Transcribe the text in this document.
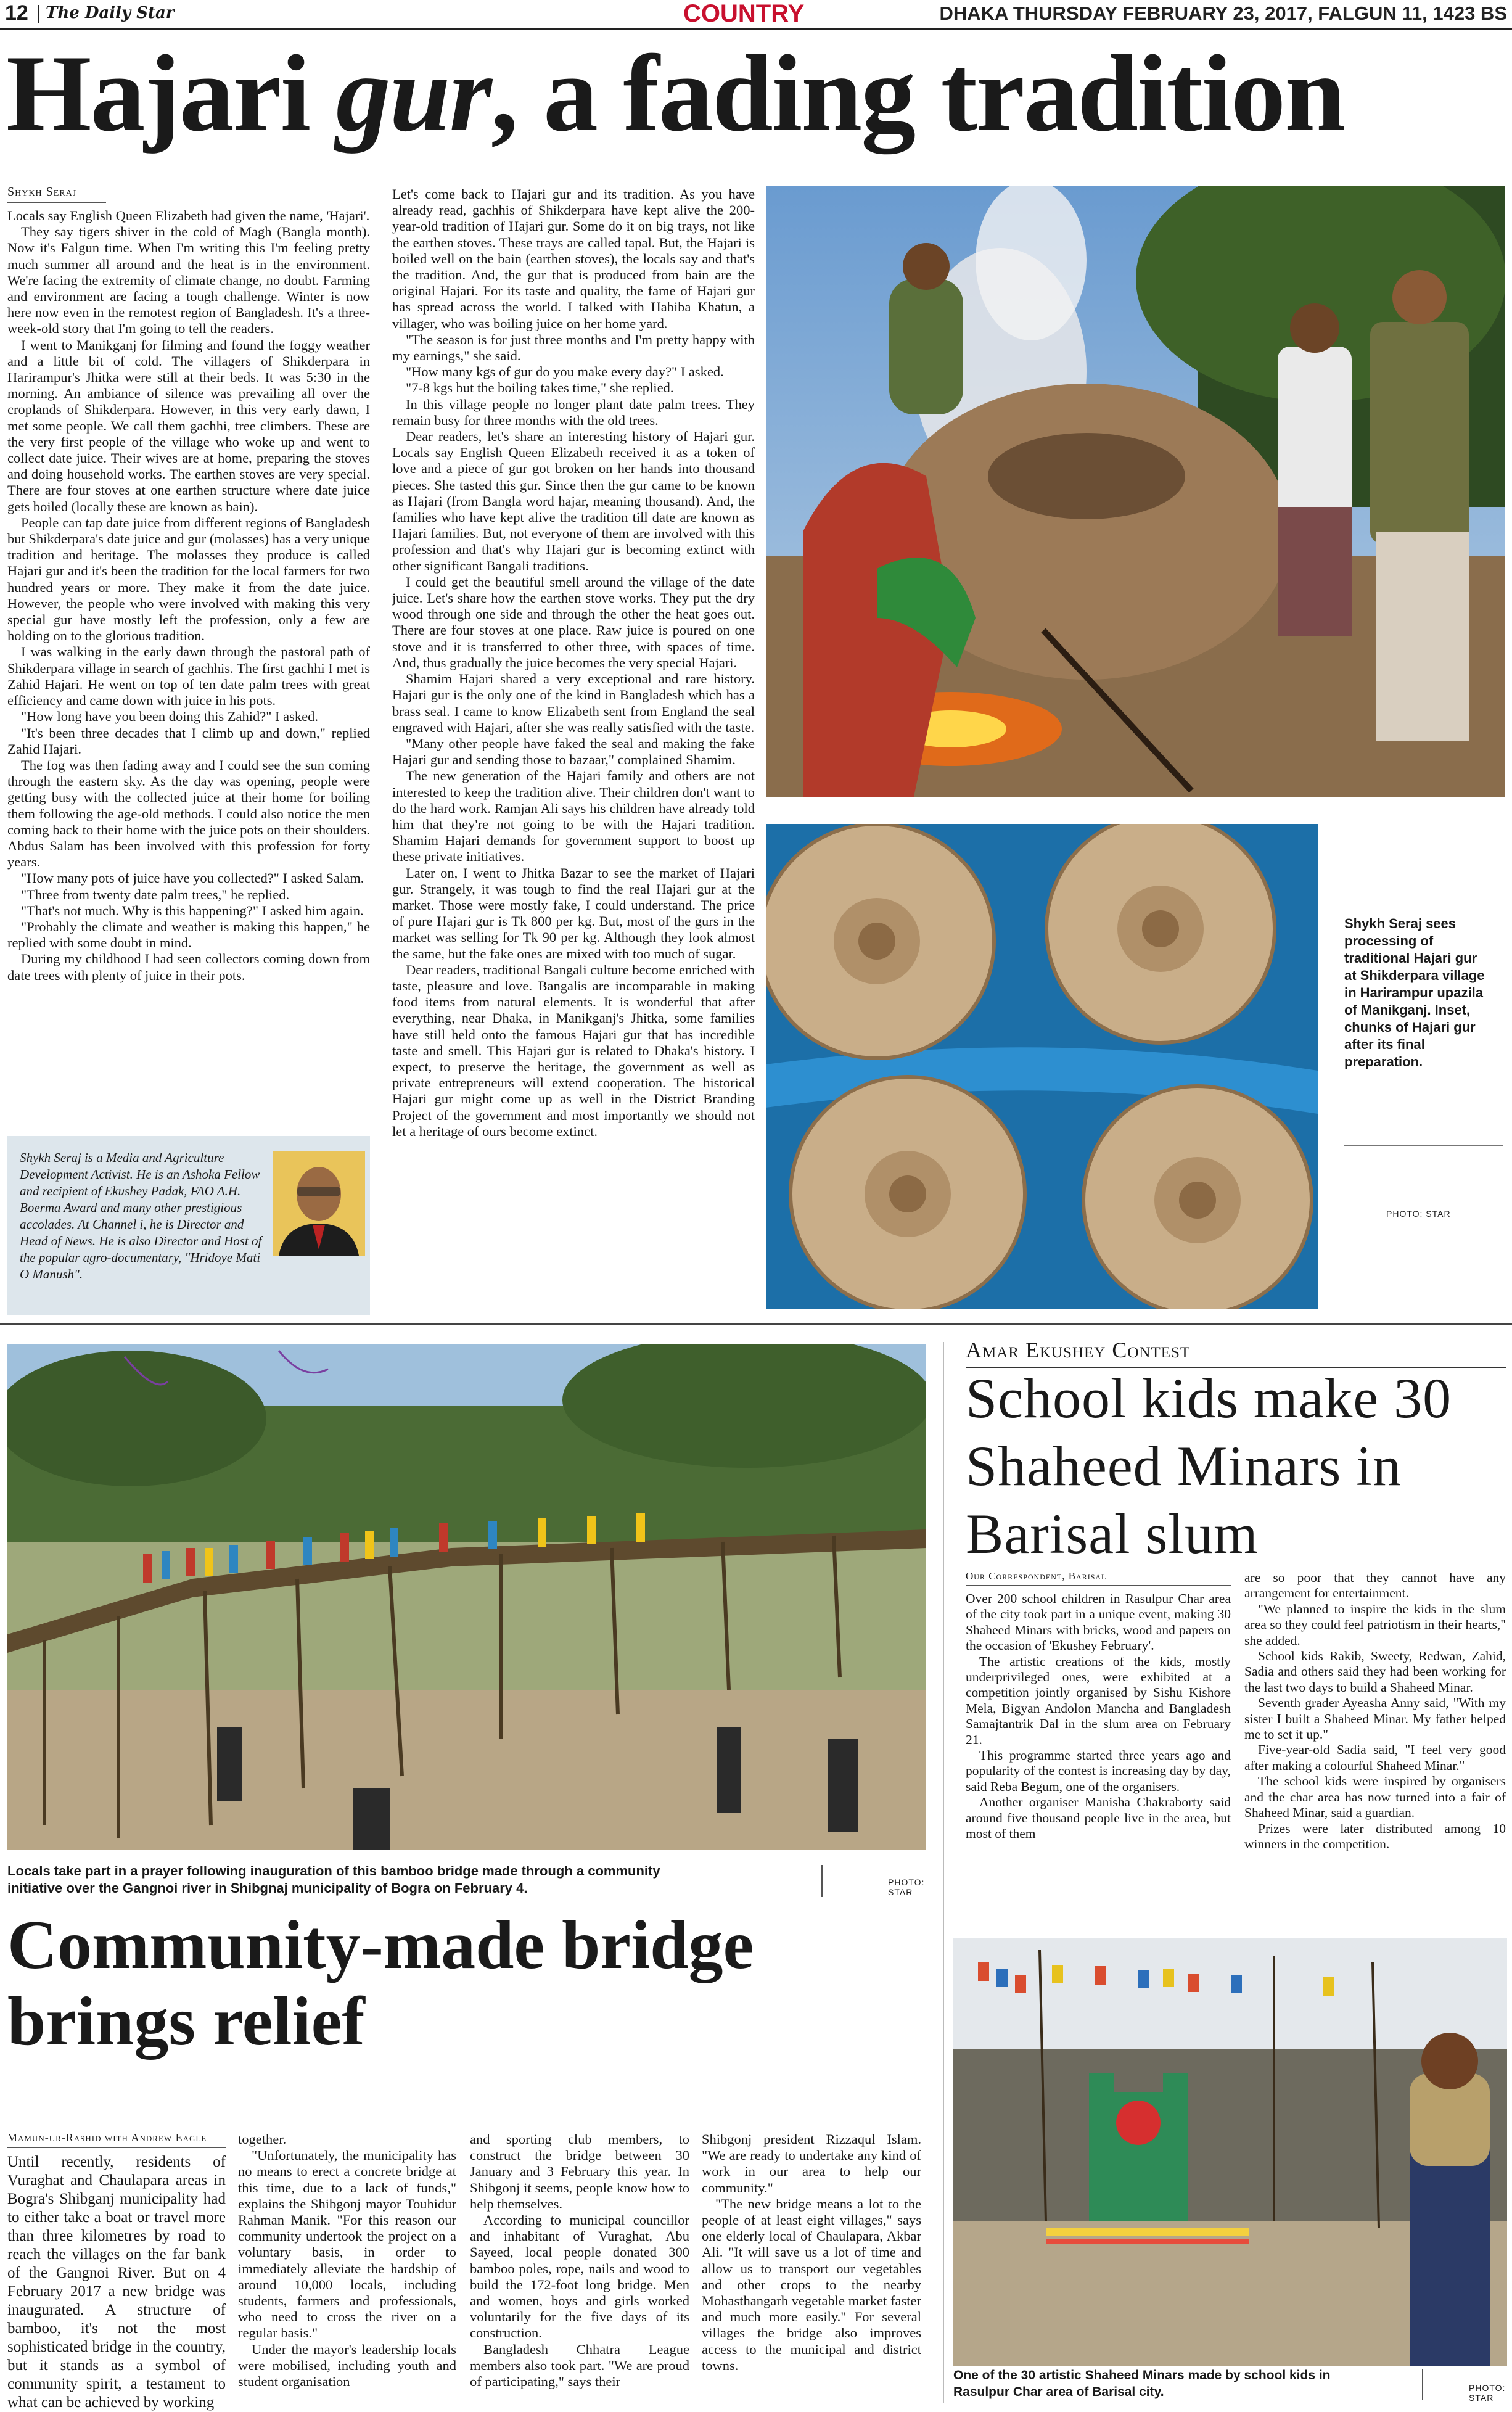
12 The Daily Star	COUNTRY	DHAKA THURSDAY FEBRUARY 23, 2017, FALGUN 11, 1423 BS
Hajari gur, a fading tradition
Shykh Seraj

Locals say English Queen Elizabeth had given the name, 'Hajari'.

They say tigers shiver in the cold of Magh (Bangla month). Now it's Falgun time. When I'm writing this I'm feeling pretty much summer all around and the heat is in the environment. We're facing the extremity of climate change, no doubt. Farming and environment are facing a tough challenge. Winter is now here now even in the remotest region of Bangladesh. It's a three-week-old story that I'm going to tell the readers.

I went to Manikganj for filming and found the foggy weather and a little bit of cold. The villagers of Shikderpara in Harirampur's Jhitka were still at their beds. It was 5:30 in the morning. An ambiance of silence was prevailing all over the croplands of Shikderpara. However, in this very early dawn, I met some people. We call them gachhi, tree climbers. These are the very first people of the village who woke up and went to collect date juice. Their wives are at home, preparing the stoves and doing household works. The earthen stoves are very special. There are four stoves at one earthen structure where date juice gets boiled (locally these are known as bain).

People can tap date juice from different regions of Bangladesh but Shikderpara's date juice and gur (molasses) has a very unique tradition and heritage. The molasses they produce is called Hajari gur and it's been the tradition for the local farmers for two hundred years or more. They make it from the date juice. However, the people who were involved with making this very special gur have mostly left the profession, only a few are holding on to the glorious tradition.

I was walking in the early dawn through the pastoral path of Shikderpara village in search of gachhis. The first gachhi I met is Zahid Hajari. He went on top of ten date palm trees with great efficiency and came down with juice in his pots.

"How long have you been doing this Zahid?" I asked.

"It's been three decades that I climb up and down," replied Zahid Hajari.

The fog was then fading away and I could see the sun coming through the eastern sky. As the day was opening, people were getting busy with the collected juice at their home for boiling them following the age-old methods. I could also notice the men coming back to their home with the juice pots on their shoulders. Abdus Salam has been involved with this profession for forty years.

"How many pots of juice have you collected?" I asked Salam.

"Three from twenty date palm trees," he replied.

"That's not much. Why is this happening?" I asked him again.

"Probably the climate and weather is making this happen," he replied with some doubt in mind.

During my childhood I had seen collectors coming down from date trees with plenty of juice in their pots.

Shykh Seraj is a Media and Agriculture Development Activist. He is an Ashoka Fellow and recipient of Ekushey Padak, FAO A.H. Boerma Award and many other prestigious accolades. At Channel i, he is Director and Head of News. He is also Director and Host of the popular agro-documentary, "Hridoye Mati O Manush".

Let's come back to Hajari gur and its tradition. As you have already read, gachhis of Shikderpara have kept alive the 200-year-old tradition of Hajari gur. Some do it on big trays, not like the earthen stoves. These trays are called tapal. But, the Hajari is boiled well on the bain (earthen stoves), the locals say and that's the tradition. And, the gur that is produced from bain are the original Hajari. For its taste and quality, the fame of Hajari gur has spread across the world. I talked with Habiba Khatun, a villager, who was boiling juice on her home yard.

"The season is for just three months and I'm pretty happy with my earnings," she said.

"How many kgs of gur do you make every day?" I asked.

"7-8 kgs but the boiling takes time," she replied.

In this village people no longer plant date palm trees. They remain busy for three months with the old trees.

Dear readers, let's share an interesting history of Hajari gur. Locals say English Queen Elizabeth received it as a token of love and a piece of gur got broken on her hands into thousand pieces. She tasted this gur. Since then the gur came to be known as Hajari (from Bangla word hajar, meaning thousand). And, the families who have kept alive the tradition till date are known as Hajari families. But, not everyone of them are involved with this profession and that's why Hajari gur is becoming extinct with other significant Bangali traditions.

I could get the beautiful smell around the village of the date juice. Let's share how the earthen stove works. They put the dry wood through one side and through the other the heat goes out. There are four stoves at one place. Raw juice is poured on one stove and it is transferred to other three, with spaces of time. And, thus gradually the juice becomes the very special Hajari.

Shamim Hajari shared a very exceptional and rare history. Hajari gur is the only one of the kind in Bangladesh which has a brass seal. I came to know Elizabeth sent from England the seal engraved with Hajari, after she was really satisfied with the taste.

"Many other people have faked the seal and making the fake Hajari gur and sending those to bazaar," complained Shamim.

The new generation of the Hajari family and others are not interested to keep the tradition alive. Their children don't want to do the hard work. Ramjan Ali says his children have already told him that they're not going to be with the Hajari tradition. Shamim Hajari demands for government support to boost up these private initiatives.

Later on, I went to Jhitka Bazar to see the market of Hajari gur. Strangely, it was tough to find the real Hajari gur at the market. Those were mostly fake, I could understand. The price of pure Hajari gur is Tk 800 per kg. But, most of the gurs in the market was selling for Tk 90 per kg. Although they look almost the same, but the fake ones are mixed with too much of sugar.

Dear readers, traditional Bangali culture become enriched with taste, pleasure and love. Bangalis are incomparable in making food items from natural elements. It is wonderful that after everything, near Dhaka, in Manikganj's Jhitka, some families have still held onto the famous Hajari gur that has incredible taste and smell. This Hajari gur is related to Dhaka's history. I expect, to preserve the heritage, the government as well as private entrepreneurs will extend cooperation. The historical Hajari gur might come up as well in the District Branding Project of the government and most importantly we should not let a heritage of ours become extinct.

Shykh Seraj sees processing of traditional Hajari gur at Shikderpara village in Harirampur upazila of Manikganj. Inset, chunks of Hajari gur after its final preparation.
PHOTO: STAR
Locals take part in a prayer following inauguration of this bamboo bridge made through a community initiative over the Gangnoi river in Shibgnaj municipality of Bogra on February 4.	PHOTO: STAR
Community-made bridge brings relief
Mamun-ur-Rashid with Andrew Eagle

Until recently, residents of Vuraghat and Chaulapara areas in Bogra's Shibganj municipality had to either take a boat or travel more than three kilometres by road to reach the villages on the far bank of the Gangnoi River. But on 4 February 2017 a new bridge was inaugurated. A structure of bamboo, it's not the most sophisticated bridge in the country, but it stands as a symbol of community spirit, a testament to what can be achieved by working

together.

"Unfortunately, the municipality has no means to erect a concrete bridge at this time, due to a lack of funds," explains the Shibgonj mayor Touhidur Rahman Manik. "For this reason our community undertook the project on a voluntary basis, in order to immediately alleviate the hardship of around 10,000 locals, including students, farmers and professionals, who need to cross the river on a regular basis."

Under the mayor's leadership locals were mobilised, including youth and student organisation

and sporting club members, to construct the bridge between 30 January and 3 February this year. In Shibgonj it seems, people know how to help themselves.

According to municipal councillor and inhabitant of Vuraghat, Abu Sayeed, local people donated 300 bamboo poles, rope, nails and wood to build the 172-foot long bridge. Men and women, boys and girls worked voluntarily for the five days of its construction.

Bangladesh Chhatra League members also took part. "We are proud of participating," says their

Shibgonj president Rizzaqul Islam. "We are ready to undertake any kind of work in our area to help our community."

"The new bridge means a lot to the people of at least eight villages," says one elderly local of Chaulapara, Akbar Ali. "It will save us a lot of time and allow us to transport our vegetables and other crops to the nearby Mohasthangarh vegetable market faster and much more easily." For several villages the bridge also improves access to the municipal and district towns.

Amar Ekushey Contest
School kids make 30 Shaheed Minars in Barisal slum
Our Correspondent, Barisal

Over 200 school children in Rasulpur Char area of the city took part in a unique event, making 30 Shaheed Minars with bricks, wood and papers on the occasion of 'Ekushey February'.

The artistic creations of the kids, mostly underprivileged ones, were exhibited at a competition jointly organised by Sishu Kishore Mela, Bigyan Andolon Mancha and Bangladesh Samajtantrik Dal in the slum area on February 21.

This programme started three years ago and popularity of the contest is increasing day by day, said Reba Begum, one of the organisers.

Another organiser Manisha Chakraborty said around five thousand people live in the area, but most of them

are so poor that they cannot have any arrangement for entertainment.

"We planned to inspire the kids in the slum area so they could feel patriotism in their hearts," she added.

School kids Rakib, Sweety, Redwan, Zahid, Sadia and others said they had been working for the last two days to build a Shaheed Minar.

Seventh grader Ayeasha Anny said, "With my sister I built a Shaheed Minar. My father helped me to set it up."

Five-year-old Sadia said, "I feel very good after making a colourful Shaheed Minar."

The school kids were inspired by organisers and the char area has now turned into a fair of Shaheed Minar, said a guardian.

Prizes were later distributed among 10 winners in the competition.

One of the 30 artistic Shaheed Minars made by school kids in Rasulpur Char area of Barisal city.	PHOTO: STAR
